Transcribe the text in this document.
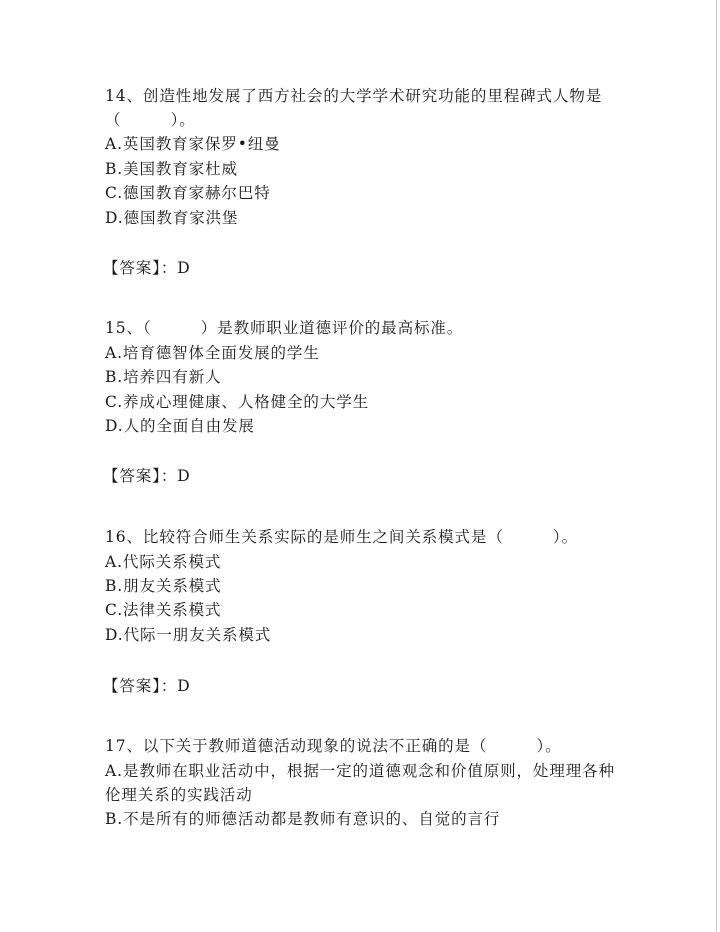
14、创造性地发展了西方社会的大学学术研究功能的里程碑式人物是
（　　　）。
A.英国教育家保罗•纽曼
B.美国教育家杜威
C.德国教育家赫尔巴特
D.德国教育家洪堡
【答案】：D
15、（　　　）是教师职业道德评价的最高标准。
A.培育德智体全面发展的学生
B.培养四有新人
C.养成心理健康、人格健全的大学生
D.人的全面自由发展
【答案】：D
16、比较符合师生关系实际的是师生之间关系模式是（　　　）。
A.代际关系模式
B.朋友关系模式
C.法律关系模式
D.代际一朋友关系模式
【答案】：D
17、以下关于教师道德活动现象的说法不正确的是（　　　）。
A.是教师在职业活动中，根据一定的道德观念和价值原则，处理理各种
伦理关系的实践活动
B.不是所有的师德活动都是教师有意识的、自觉的言行
